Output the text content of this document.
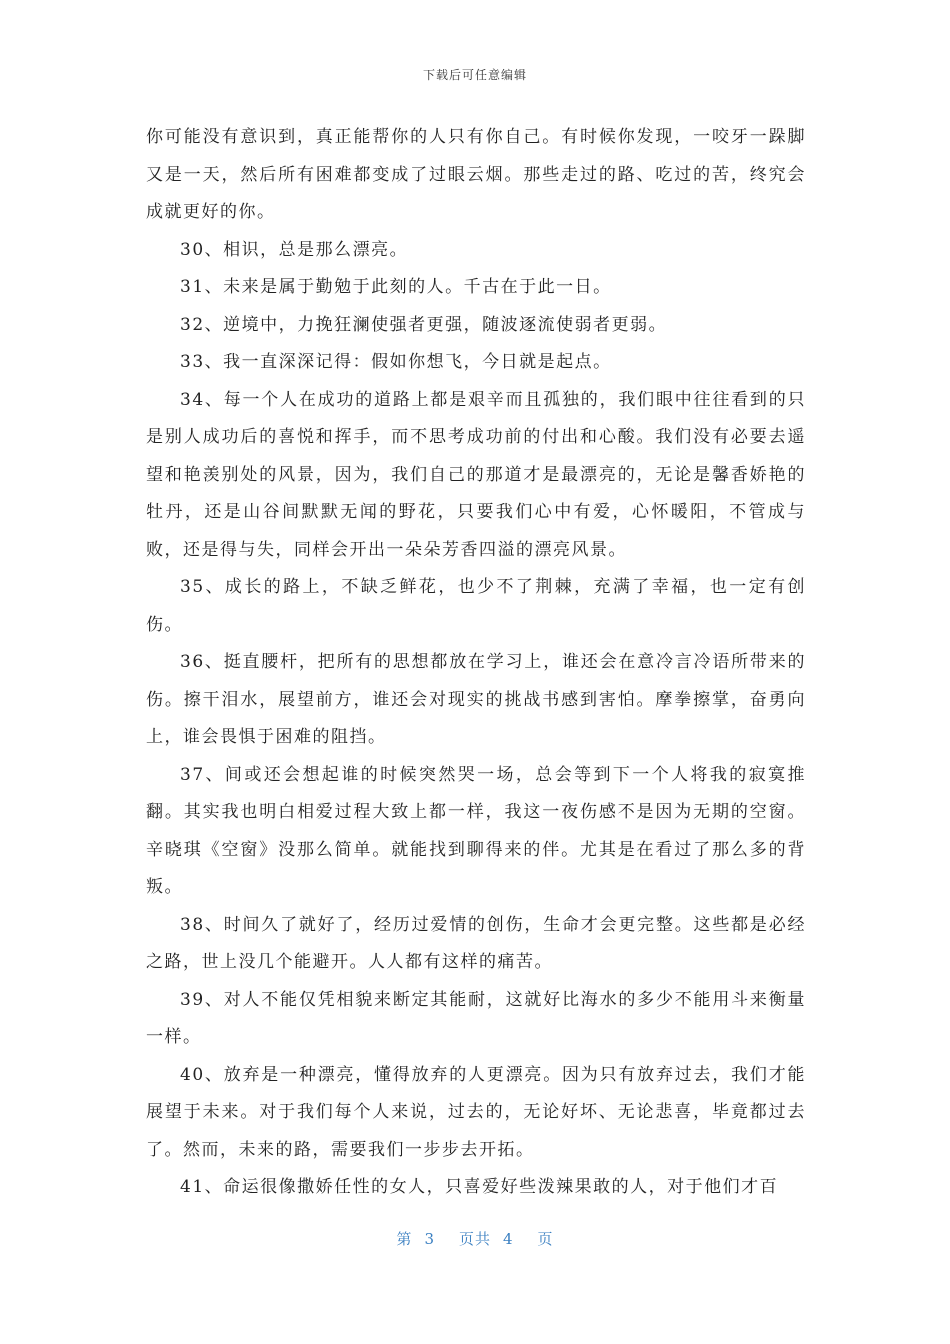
下载后可任意编辑

你可能没有意识到，真正能帮你的人只有你自己。有时候你发现，一咬牙一跺脚又是一天，然后所有困难都变成了过眼云烟。那些走过的路、吃过的苦，终究会成就更好的你。

30、相识，总是那么漂亮。

31、未来是属于勤勉于此刻的人。千古在于此一日。

32、逆境中，力挽狂澜使强者更强，随波逐流使弱者更弱。

33、我一直深深记得：假如你想飞，今日就是起点。

34、每一个人在成功的道路上都是艰辛而且孤独的，我们眼中往往看到的只是别人成功后的喜悦和挥手，而不思考成功前的付出和心酸。我们没有必要去遥望和艳羡别处的风景，因为，我们自己的那道才是最漂亮的，无论是馨香娇艳的牡丹，还是山谷间默默无闻的野花，只要我们心中有爱，心怀暖阳，不管成与败，还是得与失，同样会开出一朵朵芳香四溢的漂亮风景。

35、成长的路上，不缺乏鲜花，也少不了荆棘，充满了幸福，也一定有创伤。

36、挺直腰杆，把所有的思想都放在学习上，谁还会在意冷言冷语所带来的伤。擦干泪水，展望前方，谁还会对现实的挑战书感到害怕。摩拳擦掌，奋勇向上，谁会畏惧于困难的阻挡。

37、间或还会想起谁的时候突然哭一场，总会等到下一个人将我的寂寞推翻。其实我也明白相爱过程大致上都一样，我这一夜伤感不是因为无期的空窗。辛晓琪《空窗》没那么简单。就能找到聊得来的伴。尤其是在看过了那么多的背叛。

38、时间久了就好了，经历过爱情的创伤，生命才会更完整。这些都是必经之路，世上没几个能避开。人人都有这样的痛苦。

39、对人不能仅凭相貌来断定其能耐，这就好比海水的多少不能用斗来衡量一样。

40、放弃是一种漂亮，懂得放弃的人更漂亮。因为只有放弃过去，我们才能展望于未来。对于我们每个人来说，过去的，无论好坏、无论悲喜，毕竟都过去了。然而，未来的路，需要我们一步步去开拓。

41、命运很像撒娇任性的女人，只喜爱好些泼辣果敢的人，对于他们才百

第 3 页共 4 页
